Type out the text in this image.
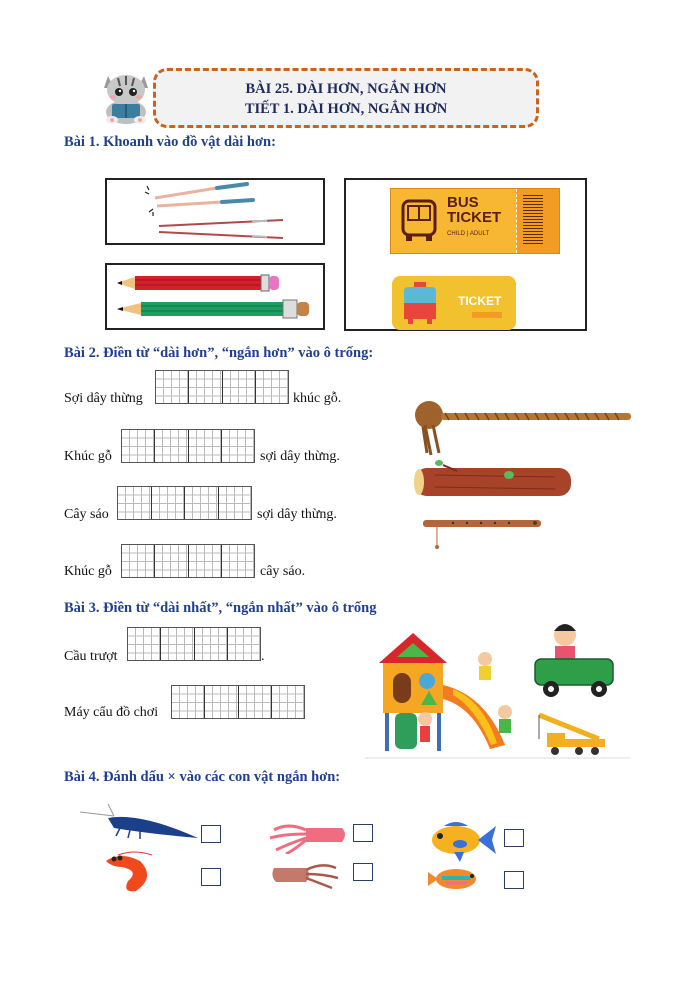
BÀI 25. DÀI HƠN, NGẮN HƠN
TIẾT 1. DÀI HƠN, NGẮN HƠN
Bài 1. Khoanh vào đồ vật dài hơn:
BUS
TICKET
CHILD | ADULT
TICKET
Bài 2. Điền từ “dài hơn”, “ngắn hơn” vào ô trống:
Sợi dây thừng	khúc gỗ.
Khúc gỗ	sợi dây thừng.
Cây sáo	sợi dây thừng.
Khúc gỗ	cây sáo.
Bài 3. Điền từ “dài nhất”, “ngắn nhất” vào ô trống
Cầu trượt	.
Máy cẩu đồ chơi
Bài 4. Đánh dấu × vào các con vật ngắn hơn:
